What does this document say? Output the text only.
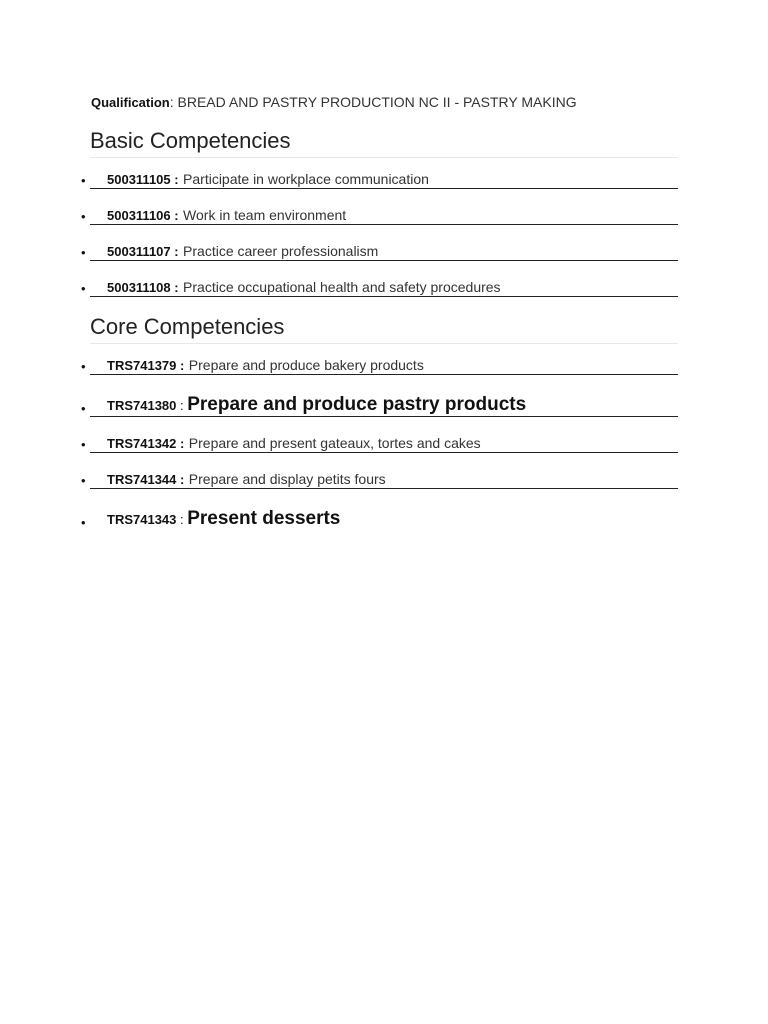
Qualification: BREAD AND PASTRY PRODUCTION NC II - PASTRY MAKING
Basic Competencies
• 500311105 : Participate in workplace communication
• 500311106 : Work in team environment
• 500311107 : Practice career professionalism
• 500311108 : Practice occupational health and safety procedures
Core Competencies
• TRS741379 : Prepare and produce bakery products
• TRS741380 : Prepare and produce pastry products
• TRS741342 : Prepare and present gateaux, tortes and cakes
• TRS741344 : Prepare and display petits fours
• TRS741343 : Present desserts
